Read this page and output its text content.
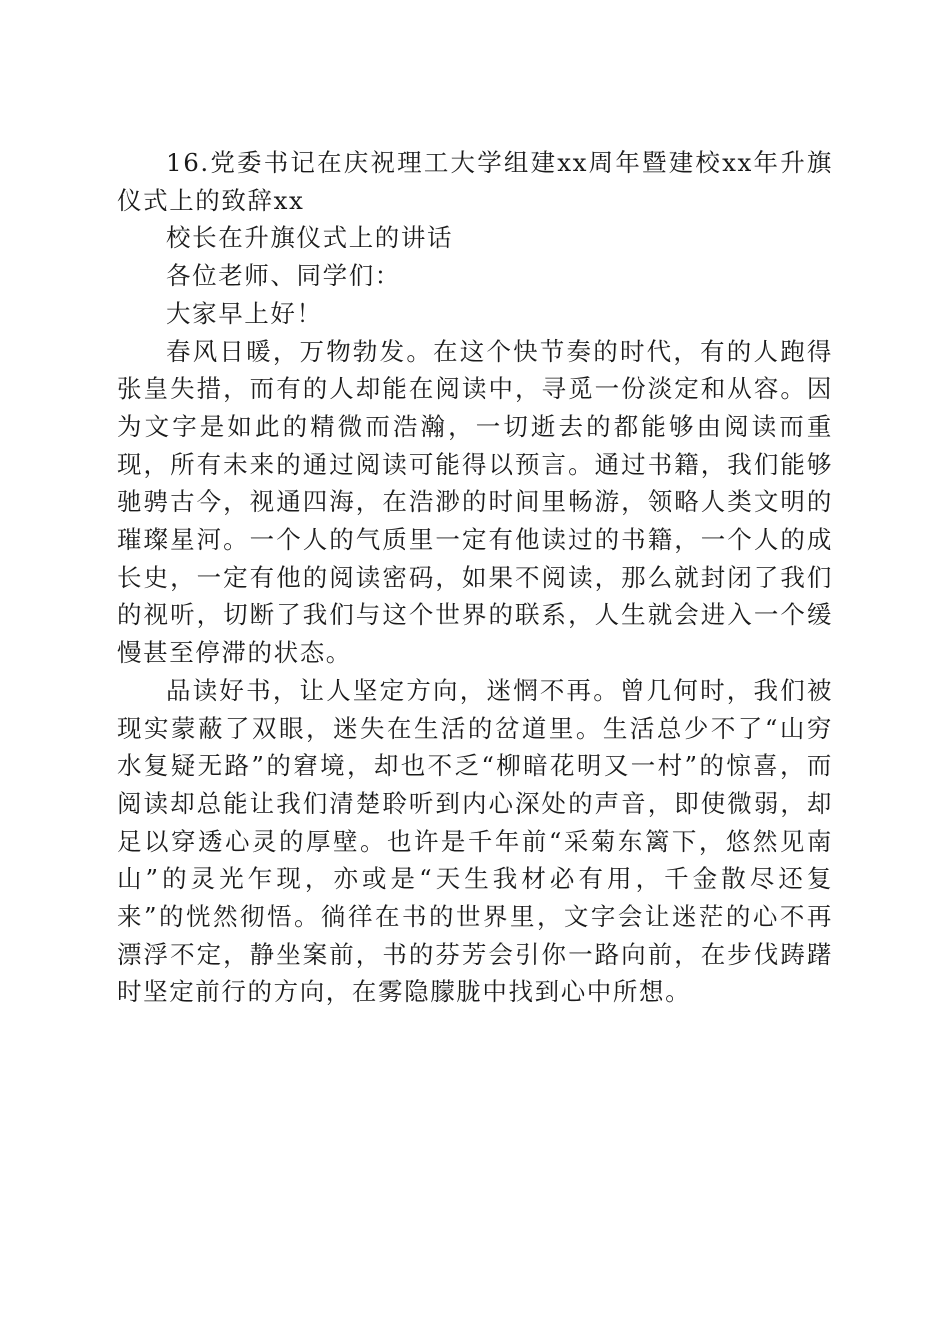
16.党委书记在庆祝理工大学组建xx周年暨建校xx年升旗仪式上的致辞xx

校长在升旗仪式上的讲话

各位老师、同学们：

大家早上好！

春风日暖，万物勃发。在这个快节奏的时代，有的人跑得张皇失措，而有的人却能在阅读中，寻觅一份淡定和从容。因为文字是如此的精微而浩瀚，一切逝去的都能够由阅读而重现，所有未来的通过阅读可能得以预言。通过书籍，我们能够驰骋古今，视通四海，在浩渺的时间里畅游，领略人类文明的璀璨星河。一个人的气质里一定有他读过的书籍，一个人的成长史，一定有他的阅读密码，如果不阅读，那么就封闭了我们的视听，切断了我们与这个世界的联系，人生就会进入一个缓慢甚至停滞的状态。

品读好书，让人坚定方向，迷惘不再。曾几何时，我们被现实蒙蔽了双眼，迷失在生活的岔道里。生活总少不了“山穷水复疑无路”的窘境，却也不乏“柳暗花明又一村”的惊喜，而阅读却总能让我们清楚聆听到内心深处的声音，即使微弱，却足以穿透心灵的厚壁。也许是千年前“采菊东篱下，悠然见南山”的灵光乍现，亦或是“天生我材必有用，千金散尽还复来”的恍然彻悟。徜徉在书的世界里，文字会让迷茫的心不再漂浮不定，静坐案前，书的芬芳会引你一路向前，在步伐踌躇时坚定前行的方向，在雾隐朦胧中找到心中所想。
